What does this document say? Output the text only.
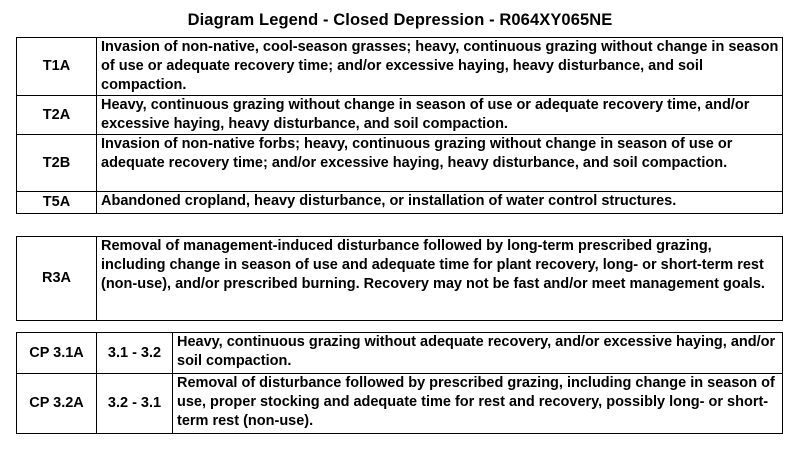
Diagram Legend - Closed Depression - R064XY065NE
T1A	Invasion of non-native, cool-season grasses; heavy, continuous grazing without change in season of use or adequate recovery time; and/or excessive haying, heavy disturbance, and soil compaction.
T2A	Heavy, continuous grazing without change in season of use or adequate recovery time, and/or excessive haying, heavy disturbance, and soil compaction.
T2B	Invasion of non-native forbs; heavy, continuous grazing without change in season of use or adequate recovery time; and/or excessive haying, heavy disturbance, and soil compaction.
T5A	Abandoned cropland, heavy disturbance, or installation of water control structures.
R3A	Removal of management-induced disturbance followed by long-term prescribed grazing, including change in season of use and adequate time for plant recovery, long- or short-term rest (non-use), and/or prescribed burning. Recovery may not be fast and/or meet management goals.
CP 3.1A	3.1 - 3.2	Heavy, continuous grazing without adequate recovery, and/or excessive haying, and/or soil compaction.
CP 3.2A	3.2 - 3.1	Removal of disturbance followed by prescribed grazing, including change in season of use, proper stocking and adequate time for rest and recovery, possibly long- or short-term rest (non-use).
